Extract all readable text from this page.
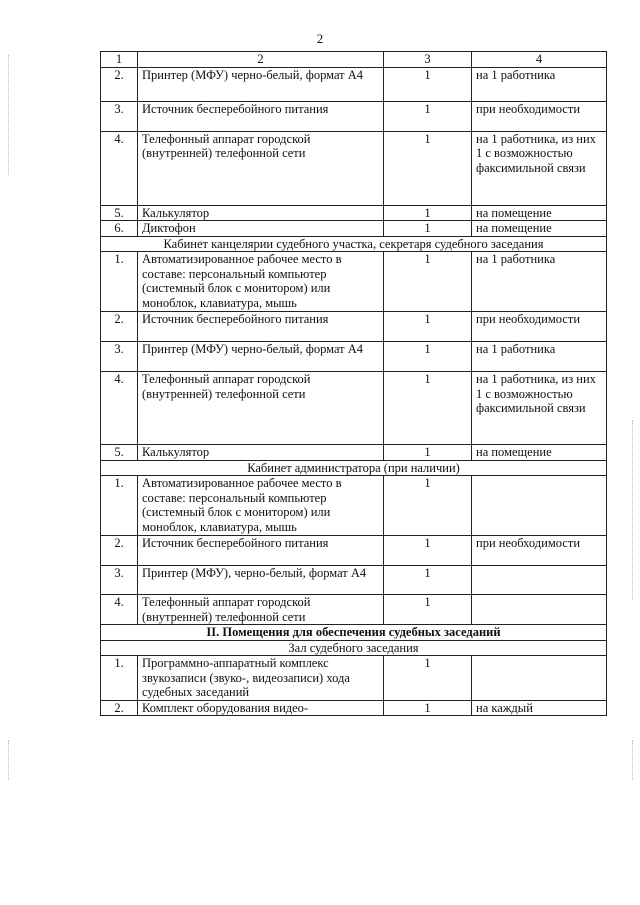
2
1	2	3	4
2.	Принтер (МФУ) черно-белый, формат А4	1	на 1 работника
3.	Источник бесперебойного питания	1	при необходимости
4.	Телефонный аппарат городской (внутренней) телефонной сети	1	на 1 работника, из них 1 с возможностью факсимильной связи
5.	Калькулятор	1	на помещение
6.	Диктофон	1	на помещение
Кабинет канцелярии судебного участка, секретаря судебного заседания			
1.	Автоматизированное рабочее место в составе: персональный компьютер (системный блок с монитором) или моноблок, клавиатура, мышь	1	на 1 работника
2.	Источник бесперебойного питания	1	при необходимости
3.	Принтер (МФУ) черно-белый, формат А4	1	на 1 работника
4.	Телефонный аппарат городской (внутренней) телефонной сети	1	на 1 работника, из них 1 с возможностью факсимильной связи
5.	Калькулятор	1	на помещение
Кабинет администратора (при наличии)			
1.	Автоматизированное рабочее место в составе: персональный компьютер (системный блок с монитором) или моноблок, клавиатура, мышь	1	
2.	Источник бесперебойного питания	1	при необходимости
3.	Принтер (МФУ), черно-белый, формат А4	1	
4.	Телефонный аппарат городской (внутренней) телефонной сети	1	
II. Помещения для обеспечения судебных заседаний			
Зал судебного заседания			
1.	Программно-аппаратный комплекс звукозаписи (звуко-, видеозаписи) хода судебных заседаний	1	
2.	Комплект оборудования видео-	1	на каждый
